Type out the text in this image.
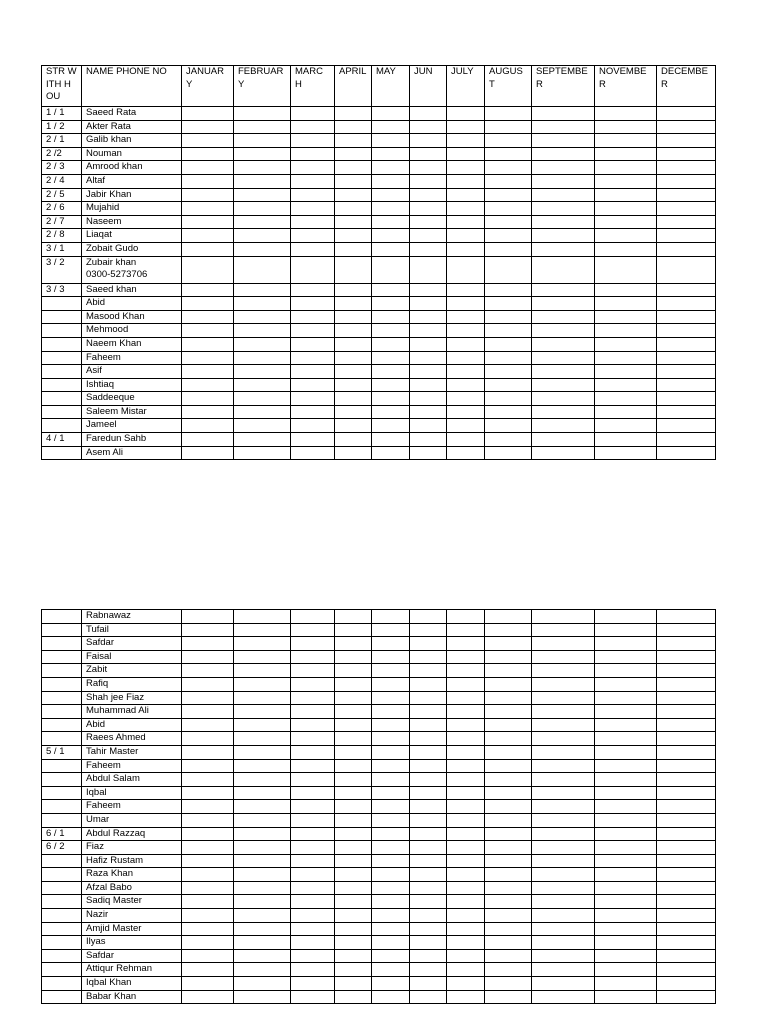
STR WITH HOU	NAME PHONE NO	JANUARY	FEBRUARY	MARC H	APRIL	MAY	JUN	JULY	AUGUST	SEPTEMBER	NOVEMBE R	DECEMBER
1 / 1	Saeed Rata											

1 / 2	Akter Rata											

2 / 1	Galib khan											

2 /2	Nouman											

2 / 3	Amrood khan											

2 / 4	Altaf											

2 / 5	Jabir Khan											

2 / 6	Mujahid											

2 / 7	Naseem											

2 / 8	Liaqat											

3 / 1	Zobait Gudo											

3 / 2	Zubair khan
0300-5273706											

3 / 3	Saeed khan											

	Abid											

	Masood Khan											

	Mehmood											

	Naeem Khan											

	Faheem											

	Asif											

	Ishtiaq											

	Saddeeque											

	Saleem Mistar											

	Jameel											

4 / 1	Faredun Sahb											

	Asem Ali											

	Rabnawaz											

	Tufail											

	Safdar											

	Faisal											

	Zabit											

	Rafiq											

	Shah jee Fiaz											

	Muhammad Ali											

	Abid											

	Raees Ahmed											

5 / 1	Tahir Master											

	Faheem											

	Abdul Salam											

	Iqbal											

	Faheem											

	Umar											

6 / 1	Abdul Razzaq											

6 / 2	Fiaz											

	Hafiz Rustam											

	Raza Khan											

	Afzal Babo											

	Sadiq Master											

	Nazir											

	Amjid Master											

	Ilyas											

	Safdar											

	Attiqur Rehman											

	Iqbal Khan											

	Babar Khan											
